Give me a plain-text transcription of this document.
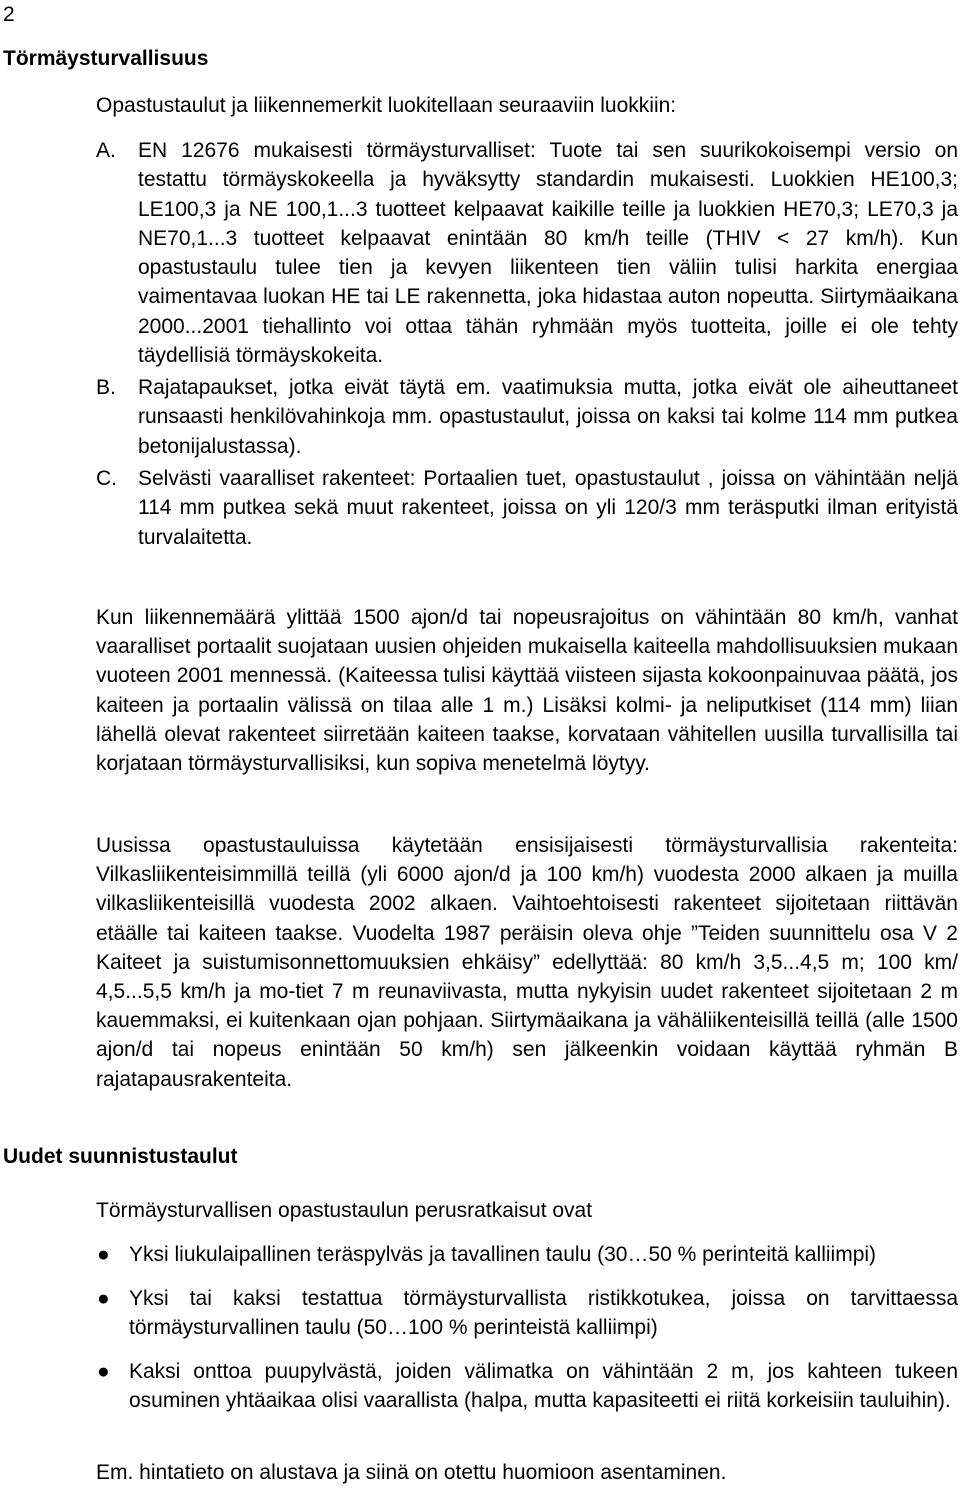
2
Törmäysturvallisuus

Opastustaulut ja liikennemerkit luokitellaan seuraaviin luokkiin:

A. EN 12676 mukaisesti törmäysturvalliset: Tuote tai sen suurikokoisempi versio on testattu törmäyskokeella ja hyväksytty standardin mukaisesti. Luokkien HE100,3; LE100,3 ja NE 100,1...3 tuotteet kelpaavat kaikille teille ja luokkien HE70,3; LE70,3 ja NE70,1...3 tuotteet kelpaavat enintään 80 km/h teille (THIV < 27 km/h). Kun opastustaulu tulee tien ja kevyen liikenteen tien väliin tulisi harkita energiaa vaimentavaa luokan HE tai LE rakennetta, joka hidastaa auton nopeutta. Siirtymäaikana 2000...2001 tiehallinto voi ottaa tähän ryhmään myös tuotteita, joille ei ole tehty täydellisiä törmäyskokeita.

B. Rajatapaukset, jotka eivät täytä em. vaatimuksia mutta, jotka eivät ole aiheuttaneet runsaasti henkilövahinkoja mm. opastustaulut, joissa on kaksi tai kolme 114 mm putkea betonijalustassa).

C. Selvästi vaaralliset rakenteet: Portaalien tuet, opastustaulut , joissa on vähintään neljä 114 mm putkea sekä muut rakenteet, joissa on yli 120/3 mm teräsputki ilman erityistä turvalaitetta.

Kun liikennemäärä ylittää 1500 ajon/d tai nopeusrajoitus on vähintään 80 km/h, vanhat vaaralliset portaalit suojataan uusien ohjeiden mukaisella kaiteella mahdollisuuksien mukaan vuoteen 2001 mennessä. (Kaiteessa tulisi käyttää viisteen sijasta kokoonpainuvaa päätä, jos kaiteen ja portaalin välissä on tilaa alle 1 m.) Lisäksi kolmi- ja neliputkiset (114 mm) liian lähellä olevat rakenteet siirretään kaiteen taakse, korvataan vähitellen uusilla turvallisilla tai korjataan törmäysturvallisiksi, kun sopiva menetelmä löytyy.

Uusissa opastustauluissa käytetään ensisijaisesti törmäysturvallisia rakenteita: Vilkasliikenteisimmillä teillä (yli 6000 ajon/d ja 100 km/h) vuodesta 2000 alkaen ja muilla vilkasliikenteisillä vuodesta 2002 alkaen. Vaihtoehtoisesti rakenteet sijoitetaan riittävän etäälle tai kaiteen taakse. Vuodelta 1987 peräisin oleva ohje ”Teiden suunnittelu osa V 2 Kaiteet ja suistumisonnettomuuksien ehkäisy” edellyttää: 80 km/h 3,5...4,5 m; 100 km/ 4,5...5,5 km/h ja mo-tiet 7 m reunaviivasta, mutta nykyisin uudet rakenteet sijoitetaan 2 m kauemmaksi, ei kuitenkaan ojan pohjaan. Siirtymäaikana ja vähäliikenteisillä teillä (alle 1500 ajon/d tai nopeus enintään 50 km/h) sen jälkeenkin voidaan käyttää ryhmän B rajatapausrakenteita.

Uudet suunnistustaulut

Törmäysturvallisen opastustaulun perusratkaisut ovat

● Yksi liukulaipallinen teräspylväs ja tavallinen taulu (30…50 % perinteitä kalliimpi)
● Yksi tai kaksi testattua törmäysturvallista ristikkotukea, joissa on tarvittaessa törmäysturvallinen taulu (50…100 % perinteistä kalliimpi)
● Kaksi onttoa puupylvästä, joiden välimatka on vähintään 2 m, jos kahteen tukeen osuminen yhtäaikaa olisi vaarallista (halpa, mutta kapasiteetti ei riitä korkeisiin tauluihin).

Em. hintatieto on alustava ja siinä on otettu huomioon asentaminen.
